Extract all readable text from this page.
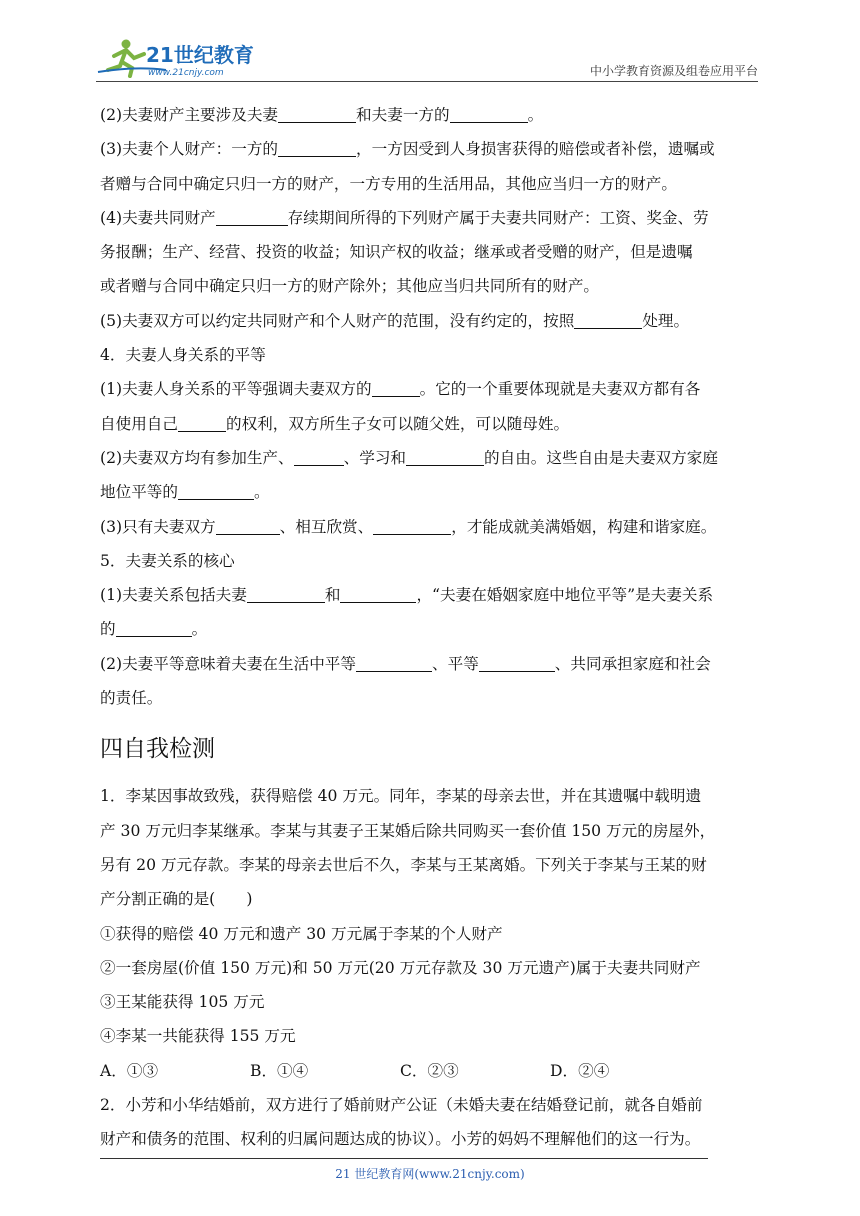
21世纪教育
www.21cnjy.com	中小学教育资源及组卷应用平台

(2)夫妻财产主要涉及夫妻	和夫妻一方的	。

(3)夫妻个人财产：一方的	，一方因受到人身损害获得的赔偿或者补偿，遗嘱或

者赠与合同中确定只归一方的财产，一方专用的生活用品，其他应当归一方的财产。

(4)夫妻共同财产	存续期间所得的下列财产属于夫妻共同财产：工资、奖金、劳

务报酬；生产、经营、投资的收益；知识产权的收益；继承或者受赠的财产，但是遗嘱

或者赠与合同中确定只归一方的财产除外；其他应当归共同所有的财产。

(5)夫妻双方可以约定共同财产和个人财产的范围，没有约定的，按照	处理。

4．夫妻人身关系的平等

(1)夫妻人身关系的平等强调夫妻双方的	。它的一个重要体现就是夫妻双方都有各

自使用自己	的权利，双方所生子女可以随父姓，可以随母姓。

(2)夫妻双方均有参加生产、	、学习和	的自由。这些自由是夫妻双方家庭

地位平等的	。

(3)只有夫妻双方	、相互欣赏、	，才能成就美满婚姻，构建和谐家庭。

5．夫妻关系的核心

(1)夫妻关系包括夫妻	和	，“夫妻在婚姻家庭中地位平等”是夫妻关系

的	。

(2)夫妻平等意味着夫妻在生活中平等	、平等	、共同承担家庭和社会

的责任。

四自我检测

1．李某因事故致残，获得赔偿 40 万元。同年，李某的母亲去世，并在其遗嘱中载明遗

产 30 万元归李某继承。李某与其妻子王某婚后除共同购买一套价值 150 万元的房屋外，

另有 20 万元存款。李某的母亲去世后不久，李某与王某离婚。下列关于李某与王某的财

产分割正确的是(　　)

①获得的赔偿 40 万元和遗产 30 万元属于李某的个人财产

②一套房屋(价值 150 万元)和 50 万元(20 万元存款及 30 万元遗产)属于夫妻共同财产

③王某能获得 105 万元

④李某一共能获得 155 万元

A．①③	B．①④	C．②③	D．②④

2．小芳和小华结婚前，双方进行了婚前财产公证（未婚夫妻在结婚登记前，就各自婚前

财产和债务的范围、权利的归属问题达成的协议）。小芳的妈妈不理解他们的这一行为。

21 世纪教育网(www.21cnjy.com)
